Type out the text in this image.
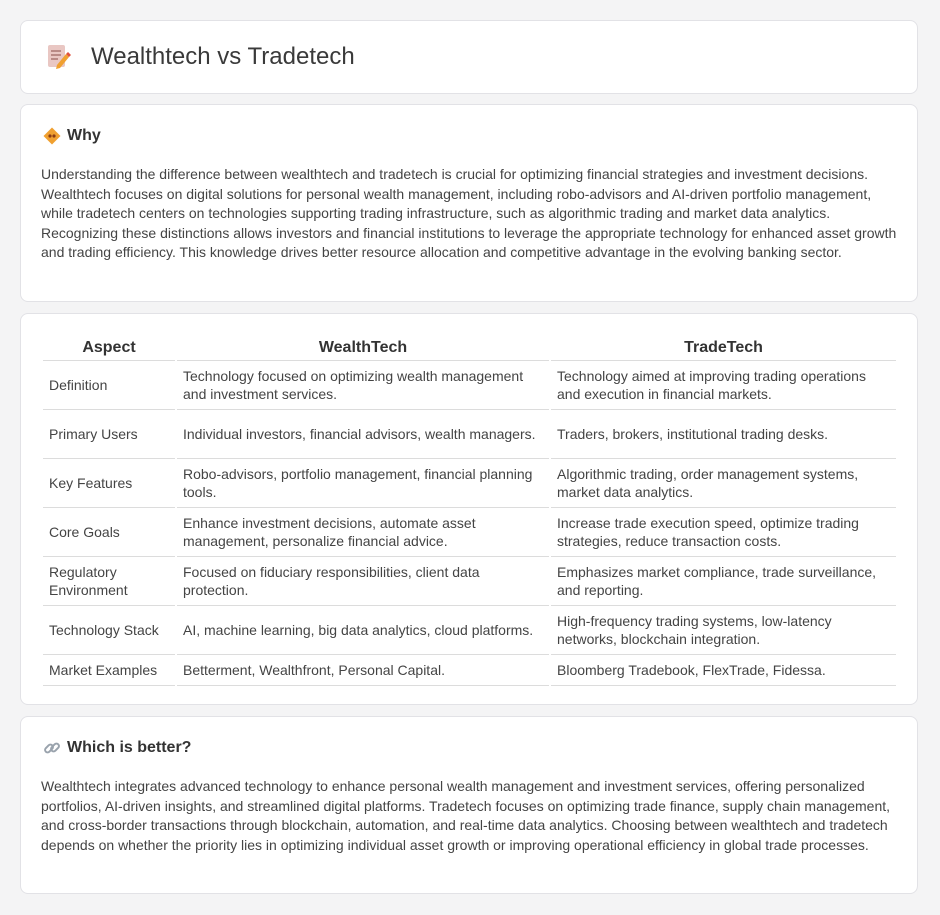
Wealthtech vs Tradetech
Why

Understanding the difference between wealthtech and tradetech is crucial for optimizing financial strategies and investment decisions. Wealthtech focuses on digital solutions for personal wealth management, including robo-advisors and AI-driven portfolio management, while tradetech centers on technologies supporting trading infrastructure, such as algorithmic trading and market data analytics. Recognizing these distinctions allows investors and financial institutions to leverage the appropriate technology for enhanced asset growth and trading efficiency. This knowledge drives better resource allocation and competitive advantage in the evolving banking sector.

Aspect	WealthTech	TradeTech
Definition	Technology focused on optimizing wealth management and investment services.	Technology aimed at improving trading operations and execution in financial markets.
Primary Users	Individual investors, financial advisors, wealth managers.	Traders, brokers, institutional trading desks.
Key Features	Robo-advisors, portfolio management, financial planning tools.	Algorithmic trading, order management systems, market data analytics.
Core Goals	Enhance investment decisions, automate asset management, personalize financial advice.	Increase trade execution speed, optimize trading strategies, reduce transaction costs.
Regulatory Environment	Focused on fiduciary responsibilities, client data protection.	Emphasizes market compliance, trade surveillance, and reporting.
Technology Stack	AI, machine learning, big data analytics, cloud platforms.	High-frequency trading systems, low-latency networks, blockchain integration.
Market Examples	Betterment, Wealthfront, Personal Capital.	Bloomberg Tradebook, FlexTrade, Fidessa.
Which is better?

Wealthtech integrates advanced technology to enhance personal wealth management and investment services, offering personalized portfolios, AI-driven insights, and streamlined digital platforms. Tradetech focuses on optimizing trade finance, supply chain management, and cross-border transactions through blockchain, automation, and real-time data analytics. Choosing between wealthtech and tradetech depends on whether the priority lies in optimizing individual asset growth or improving operational efficiency in global trade processes.
